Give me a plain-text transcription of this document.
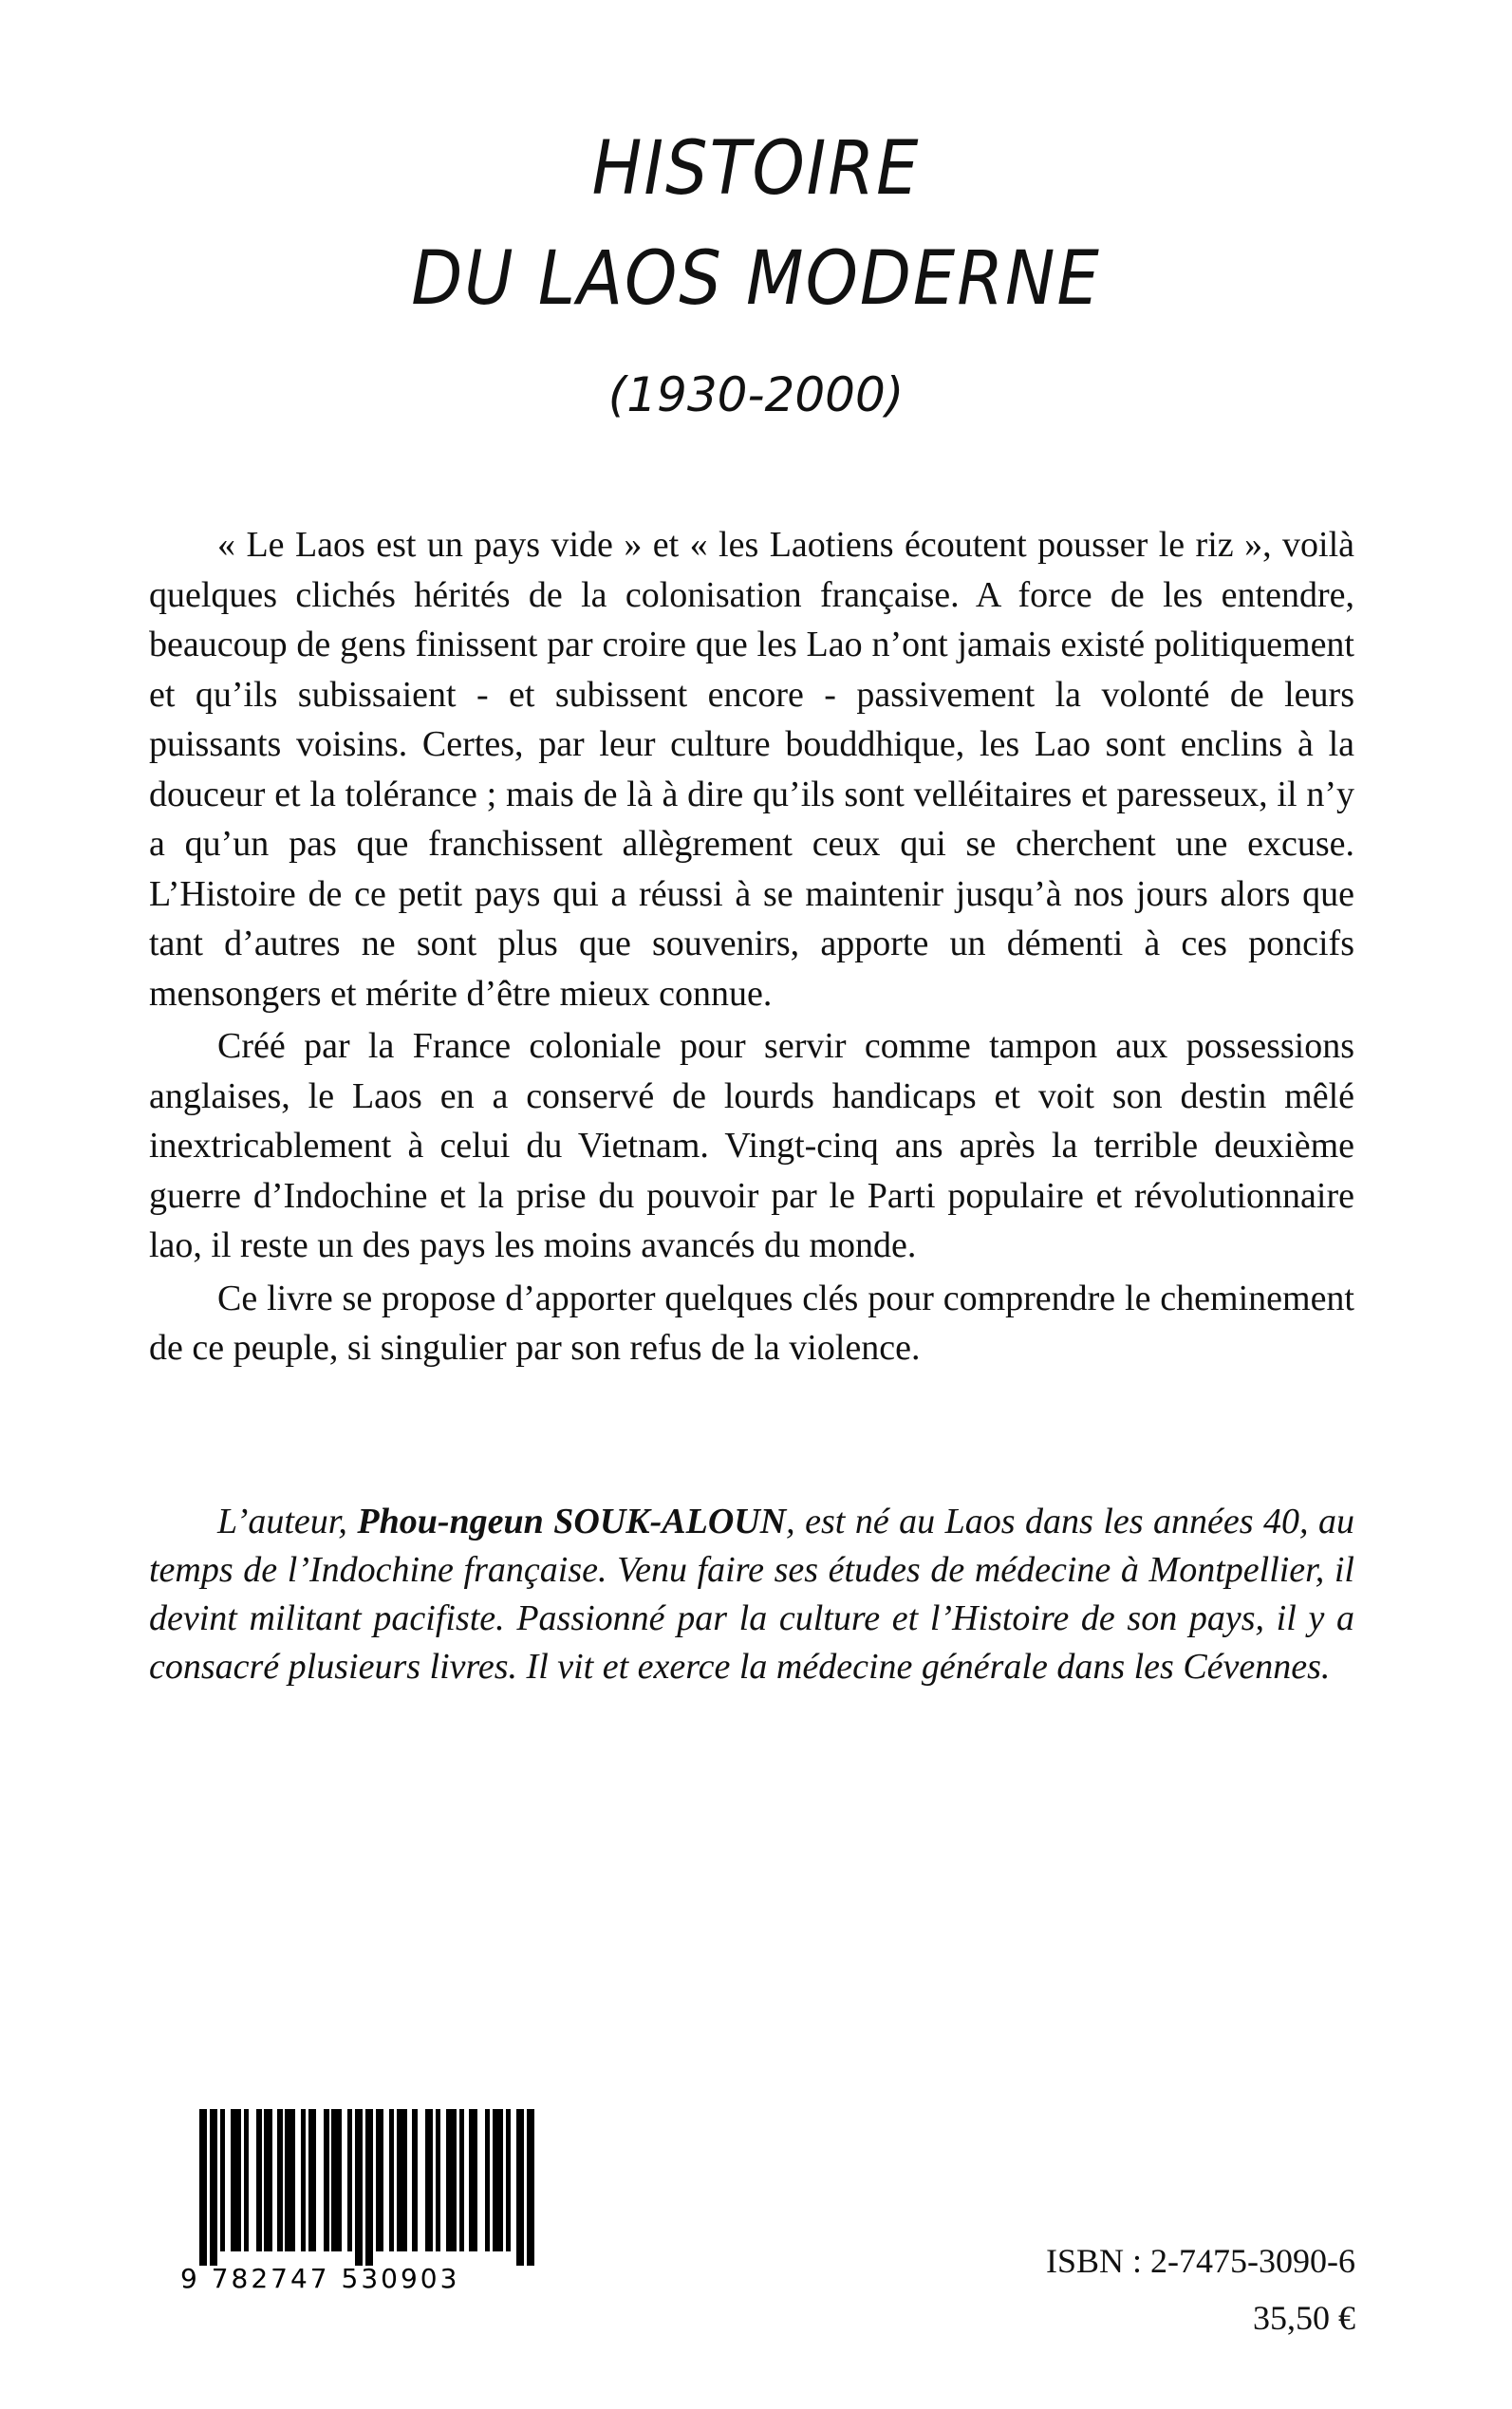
HISTOIRE
DU LAOS MODERNE
(1930-2000)

« Le Laos est un pays vide » et « les Laotiens écoutent pousser le riz », voilà quelques clichés hérités de la colonisation française. A force de les entendre, beaucoup de gens finissent par croire que les Lao n’ont jamais existé politiquement et qu’ils subissaient - et subissent encore - passivement la volonté de leurs puissants voisins. Certes, par leur culture bouddhique, les Lao sont enclins à la douceur et la tolérance ; mais de là à dire qu’ils sont velléitaires et paresseux, il n’y a qu’un pas que franchissent allègrement ceux qui se cherchent une excuse. L’Histoire de ce petit pays qui a réussi à se maintenir jusqu’à nos jours alors que tant d’autres ne sont plus que souvenirs, apporte un démenti à ces poncifs mensongers et mérite d’être mieux connue.

Créé par la France coloniale pour servir comme tampon aux possessions anglaises, le Laos en a conservé de lourds handicaps et voit son destin mêlé inextricablement à celui du Vietnam. Vingt-cinq ans après la terrible deuxième guerre d’Indochine et la prise du pouvoir par le Parti populaire et révolutionnaire lao, il reste un des pays les moins avancés du monde.

Ce livre se propose d’apporter quelques clés pour comprendre le cheminement de ce peuple, si singulier par son refus de la violence.

L’auteur, Phou-ngeun SOUK-ALOUN, est né au Laos dans les années 40, au temps de l’Indochine française. Venu faire ses études de médecine à Montpellier, il devint militant pacifiste. Passionné par la culture et l’Histoire de son pays, il y a consacré plusieurs livres. Il vit et exerce la médecine générale dans les Cévennes.

9 782747 530903	ISBN : 2-7475-3090-6
35,50 €
